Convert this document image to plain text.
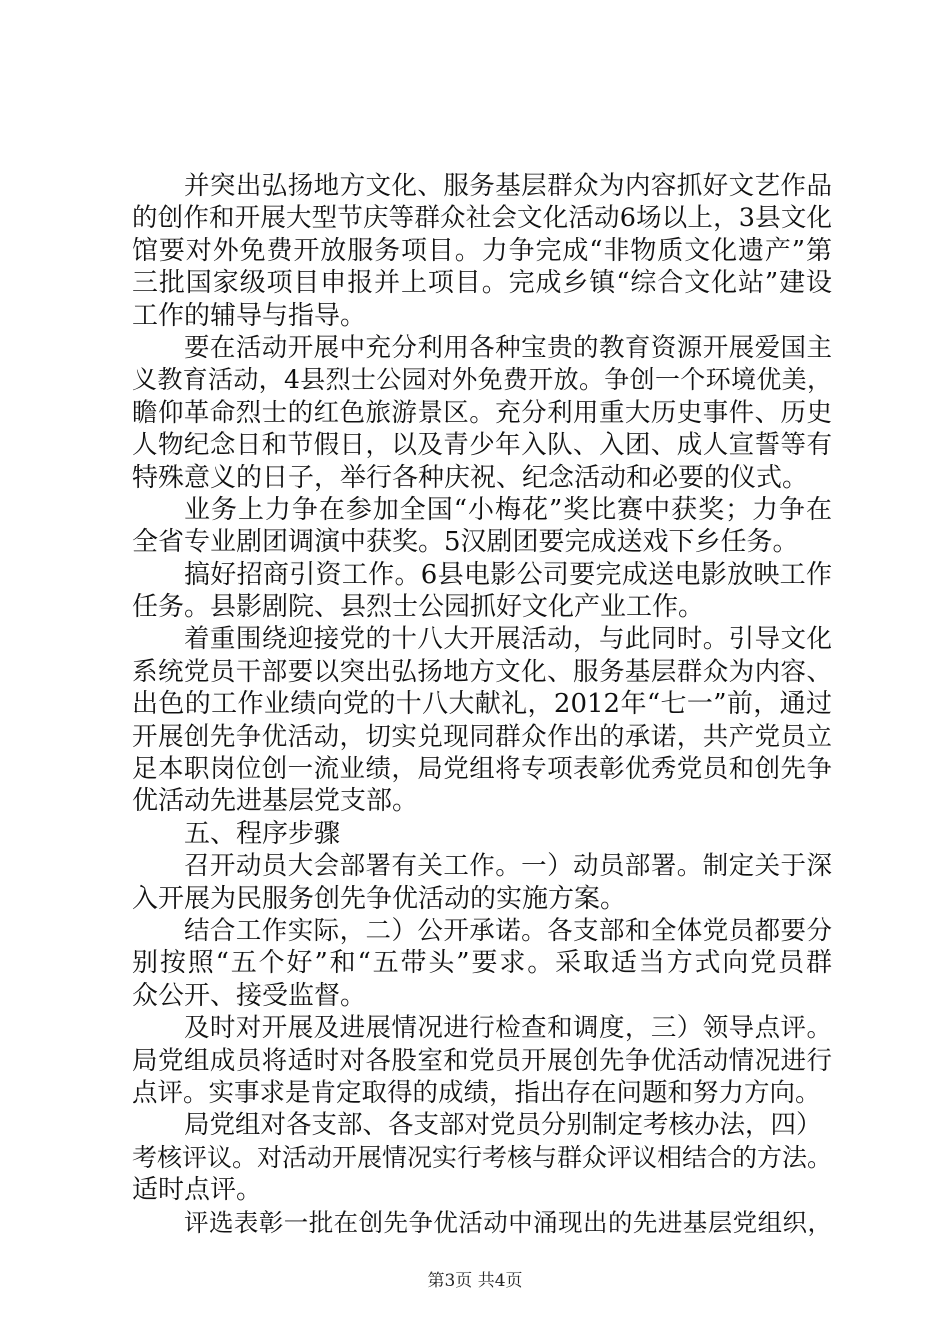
并突出弘扬地方文化、服务基层群众为内容抓好文艺作品
的创作和开展大型节庆等群众社会文化活动6场以上，3县文化
馆要对外免费开放服务项目。力争完成“非物质文化遗产”第
三批国家级项目申报并上项目。完成乡镇“综合文化站”建设
工作的辅导与指导。
要在活动开展中充分利用各种宝贵的教育资源开展爱国主
义教育活动，4县烈士公园对外免费开放。争创一个环境优美，
瞻仰革命烈士的红色旅游景区。充分利用重大历史事件、历史
人物纪念日和节假日，以及青少年入队、入团、成人宣誓等有
特殊意义的日子，举行各种庆祝、纪念活动和必要的仪式。
业务上力争在参加全国“小梅花”奖比赛中获奖；力争在
全省专业剧团调演中获奖。5汉剧团要完成送戏下乡任务。
搞好招商引资工作。6县电影公司要完成送电影放映工作
任务。县影剧院、县烈士公园抓好文化产业工作。
着重围绕迎接党的十八大开展活动，与此同时。引导文化
系统党员干部要以突出弘扬地方文化、服务基层群众为内容、
出色的工作业绩向党的十八大献礼，2012年“七一”前，通过
开展创先争优活动，切实兑现同群众作出的承诺，共产党员立
足本职岗位创一流业绩，局党组将专项表彰优秀党员和创先争
优活动先进基层党支部。
五、程序步骤
召开动员大会部署有关工作。一）动员部署。制定关于深
入开展为民服务创先争优活动的实施方案。
结合工作实际，二）公开承诺。各支部和全体党员都要分
别按照“五个好”和“五带头”要求。采取适当方式向党员群
众公开、接受监督。
及时对开展及进展情况进行检查和调度，三）领导点评。
局党组成员将适时对各股室和党员开展创先争优活动情况进行
点评。实事求是肯定取得的成绩，指出存在问题和努力方向。
局党组对各支部、各支部对党员分别制定考核办法，四）
考核评议。对活动开展情况实行考核与群众评议相结合的方法。
适时点评。
评选表彰一批在创先争优活动中涌现出的先进基层党组织，
第3页 共4页
